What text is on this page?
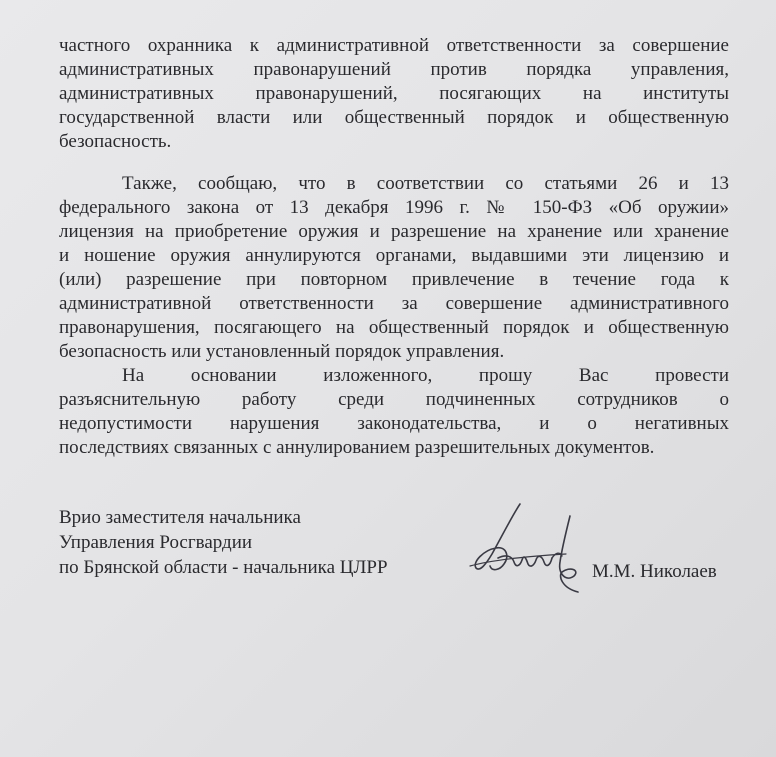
частного охранника к административной ответственности за совершение
административных правонарушений против порядка управления,
административных правонарушений, посягающих на институты
государственной власти или общественный порядок и общественную
безопасность.
Также, сообщаю, что в соответствии со статьями 26 и 13
федерального закона от 13 декабря 1996 г. № 150-ФЗ «Об оружии»
лицензия на приобретение оружия и разрешение на хранение или хранение
и ношение оружия аннулируются органами, выдавшими эти лицензию и
(или) разрешение при повторном привлечение в течение года к
административной ответственности за совершение административного
правонарушения, посягающего на общественный порядок и общественную
безопасность или установленный порядок управления.
На основании изложенного, прошу Вас провести
разъяснительную работу среди подчиненных сотрудников о
недопустимости нарушения законодательства, и о негативных
последствиях связанных с аннулированием разрешительных документов.
Врио заместителя начальника
Управления Росгвардии
по Брянской области - начальника ЦЛРР	М.М. Николаев
